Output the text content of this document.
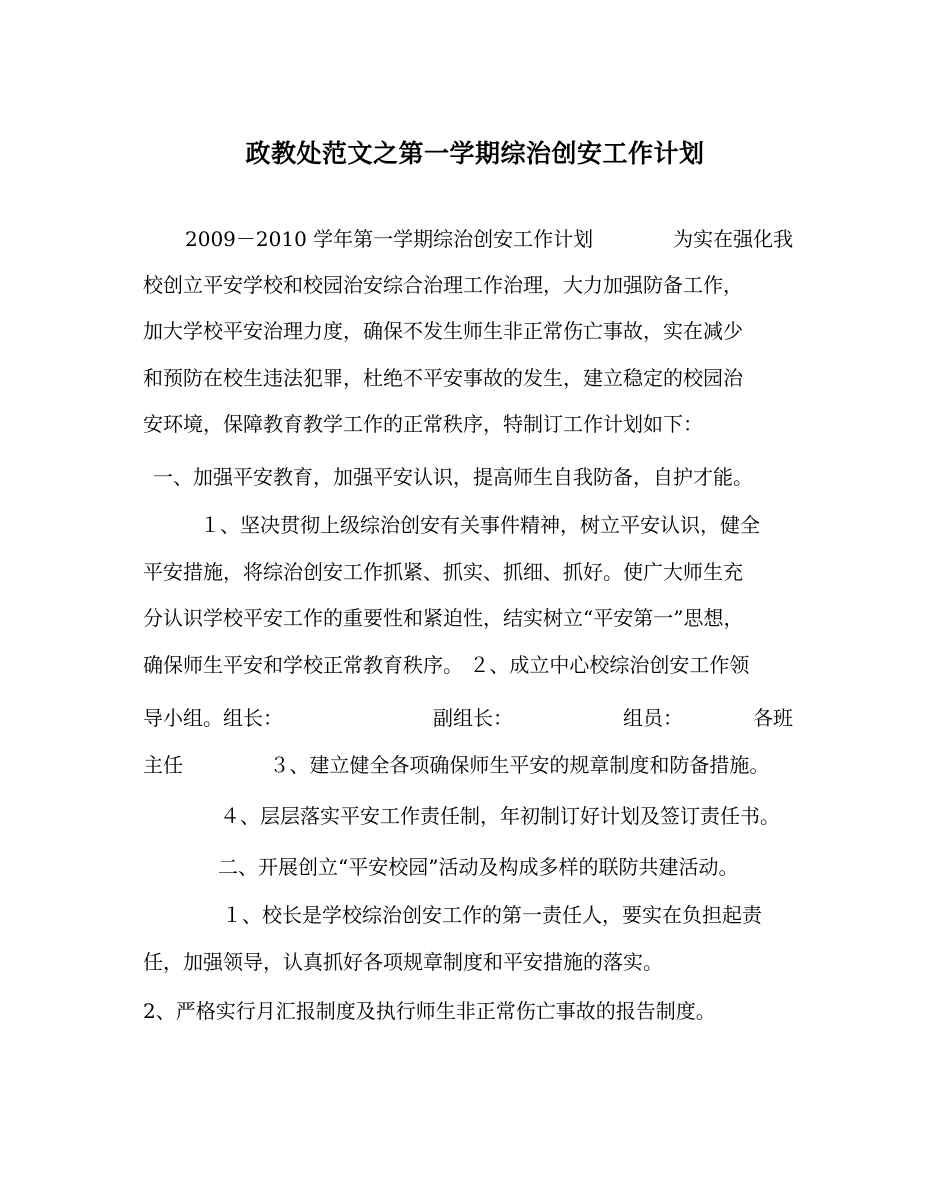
政教处范文之第一学期综治创安工作计划
2009－2010 学年第一学期综治创安工作计划　　　　为实在强化我
校创立平安学校和校园治安综合治理工作治理，大力加强防备工作，
加大学校平安治理力度，确保不发生师生非正常伤亡事故，实在减少
和预防在校生违法犯罪，杜绝不平安事故的发生，建立稳定的校园治
安环境，保障教育教学工作的正常秩序，特制订工作计划如下：
一、加强平安教育，加强平安认识，提高师生自我防备，自护才能。
１、坚决贯彻上级综治创安有关事件精神，树立平安认识，健全
平安措施，将综治创安工作抓紧、抓实、抓细、抓好。使广大师生充
分认识学校平安工作的重要性和紧迫性，结实树立“平安第一”思想，
确保师生平安和学校正常教育秩序。 ２、成立中心校综治创安工作领
导小组。组长：　　　　　　　　副组长：　　　　　　组员：　　　　各班
主任　　　　 ３、建立健全各项确保师生平安的规章制度和防备措施。
４、层层落实平安工作责任制，年初制订好计划及签订责任书。
二、开展创立“平安校园”活动及构成多样的联防共建活动。
１、校长是学校综治创安工作的第一责任人，要实在负担起责
任，加强领导，认真抓好各项规章制度和平安措施的落实。
2、严格实行月汇报制度及执行师生非正常伤亡事故的报告制度。
